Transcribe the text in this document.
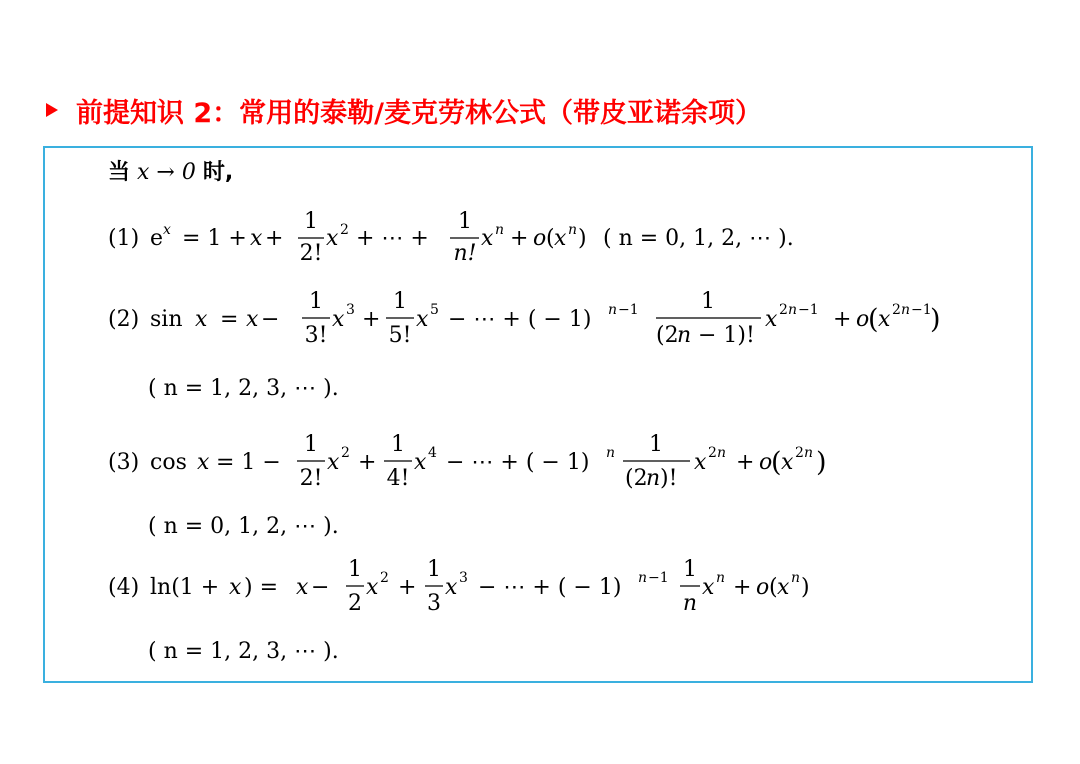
前提知识 2：常用的泰勒/麦克劳林公式（带皮亚诺余项）
当 x → 0 时,
(1) e x = 1 + x +
1
2!
x 2 + ⋯ +
1
n!
x n + o ( x n ) ( n = 0, 1, 2, ⋯ ).
(2) sin x = x −
1
3!
x 3 +
1
5!
x 5 − ⋯ + ( − 1) n −1	1
(2
n − 1)!
x 2 n −1 + o
( x 2 n −1
)
( n = 1, 2, 3, ⋯ ).
(3) cos x = 1 −
1
2!
x 2 +
1
4!
x 4 − ⋯ + ( − 1) n 1
(2
n )!
x 2 n + o
( x 2 n )
( n = 0, 1, 2, ⋯ ).
(4) ln(1 + x ) = x −
1
2
x 2 +
1
3
x 3 − ⋯ + ( − 1) n −1 1
n
x n + o ( x n )
( n = 1, 2, 3, ⋯ ).
